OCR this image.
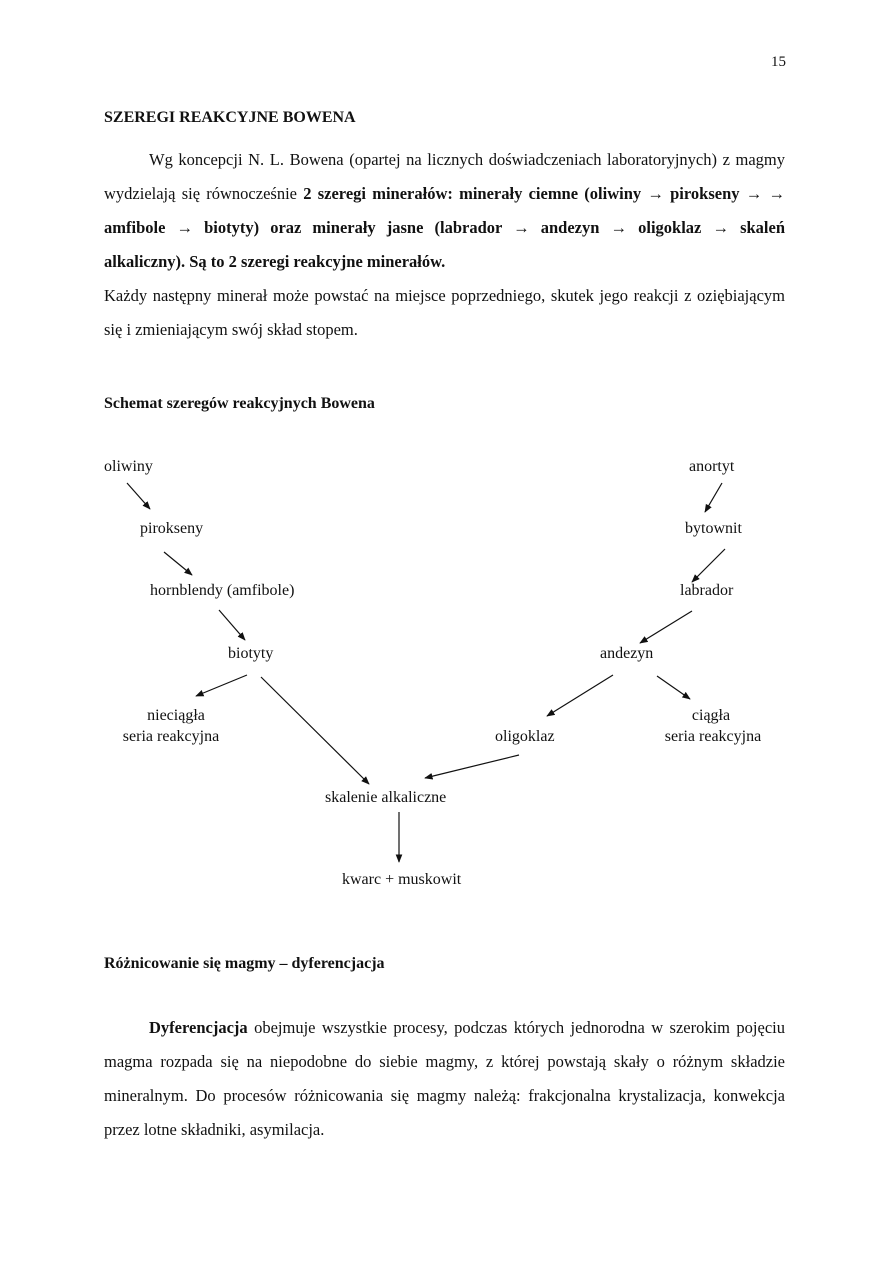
15
SZEREGI REAKCYJNE BOWENA
Wg koncepcji N. L. Bowena (opartej na licznych doświadczeniach laboratoryjnych) z magmy wydzielają się równocześnie 2 szeregi minerałów: minerały ciemne (oliwiny → pirokseny → → amfibole → biotyty) oraz minerały jasne (labrador → andezyn → oligoklaz → skaleń alkaliczny). Są to 2 szeregi reakcyjne minerałów.
Każdy następny minerał może powstać na miejsce poprzedniego, skutek jego reakcji z oziębiającym się i zmieniającym swój skład stopem.
Schemat szeregów reakcyjnych Bowena
oliwiny
pirokseny
hornblendy (amfibole)
biotyty
nieciągła
seria reakcyjna
anortyt
bytownit
labrador
andezyn
ciągła
seria reakcyjna
oligoklaz
skalenie alkaliczne
kwarc + muskowit
Różnicowanie się magmy – dyferencjacja
Dyferencjacja obejmuje wszystkie procesy, podczas których jednorodna w szerokim pojęciu magma rozpada się na niepodobne do siebie magmy, z której powstają skały o różnym składzie mineralnym. Do procesów różnicowania się magmy należą: frakcjonalna krystalizacja, konwekcja przez lotne składniki, asymilacja.
